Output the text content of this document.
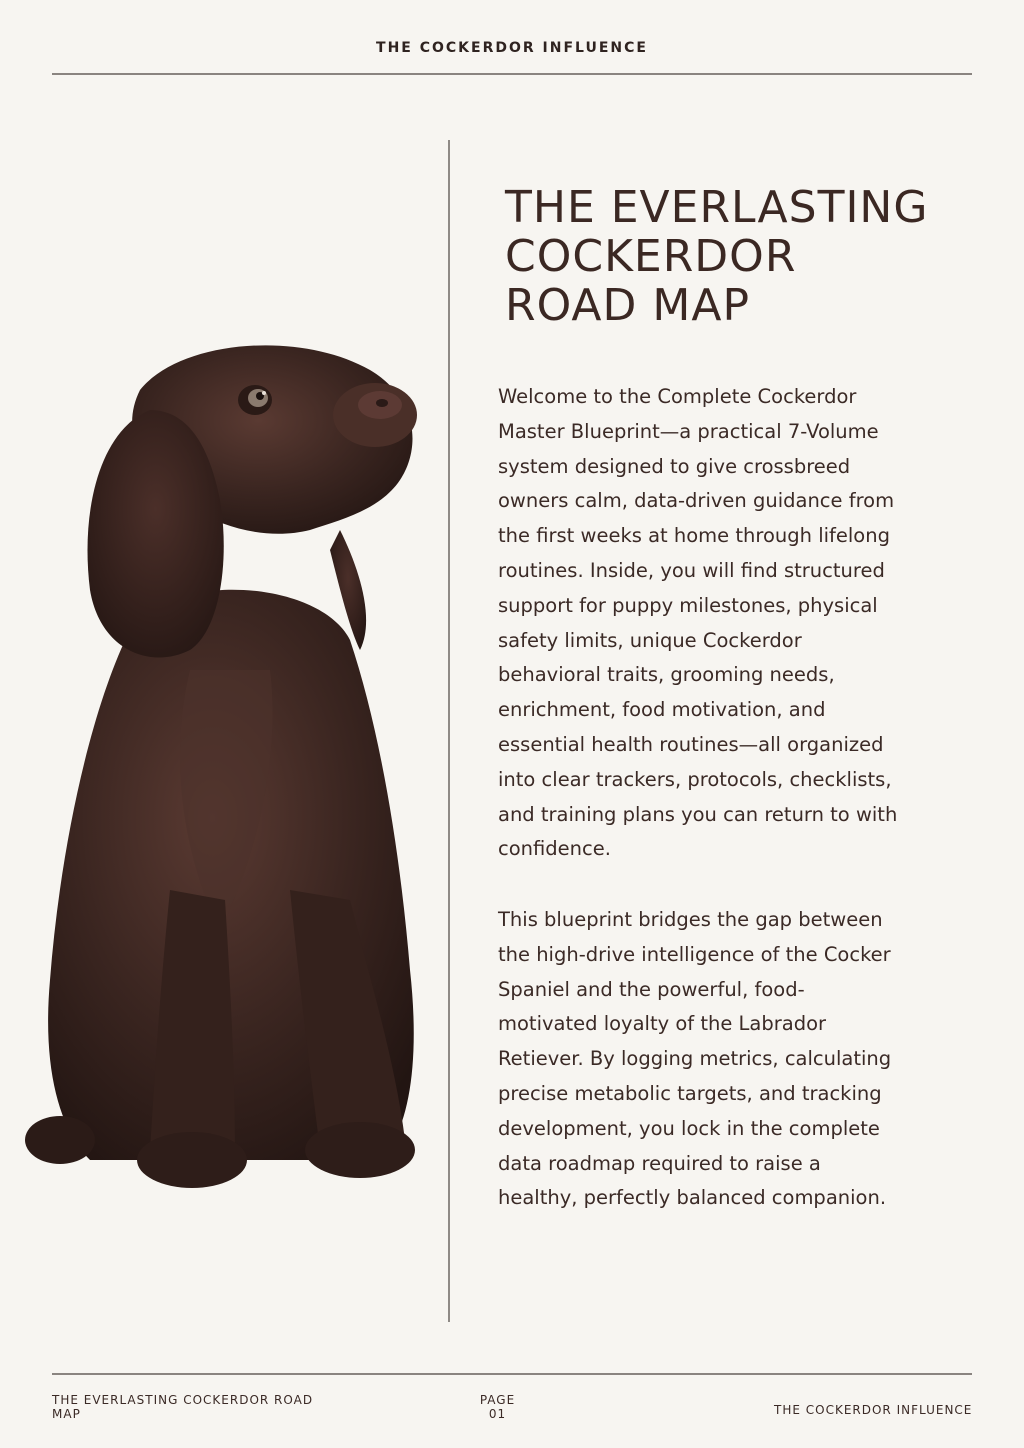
THE COCKERDOR INFLUENCE
THE EVERLASTING
COCKERDOR
ROAD MAP

Welcome to the Complete Cockerdor
Master Blueprint—a practical 7-Volume
system designed to give crossbreed
owners calm, data-driven guidance from
the first weeks at home through lifelong
routines. Inside, you will find structured
support for puppy milestones, physical
safety limits, unique Cockerdor
behavioral traits, grooming needs,
enrichment, food motivation, and
essential health routines—all organized
into clear trackers, protocols, checklists,
and training plans you can return to with
confidence.

This blueprint bridges the gap between
the high-drive intelligence of the Cocker
Spaniel and the powerful, food-
motivated loyalty of the Labrador
Retiever. By logging metrics, calculating
precise metabolic targets, and tracking
development, you lock in the complete
data roadmap required to raise a
healthy, perfectly balanced companion.

THE EVERLASTING COCKERDOR ROAD
MAP
PAGE
01	THE COCKERDOR INFLUENCE
